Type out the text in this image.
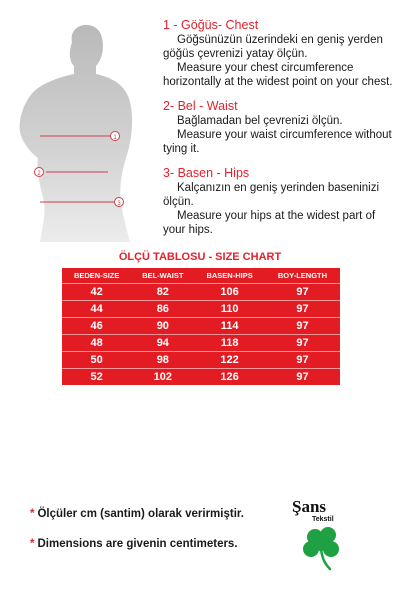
1
2
3
1 - Göğüs- Chest
Göğsünüzün üzerindeki en geniş yerden
göğüs çevrenizi yatay ölçün.
Measure your chest circumference
horizontally at the widest point on your chest.
2- Bel - Waist
Bağlamadan bel çevrenizi ölçün.
Measure your waist circumference without
tying it.
3- Basen - Hips
Kalçanızın en geniş yerinden baseninizi
ölçün.
Measure your hips at the widest part of
your hips.
ÖLÇÜ TABLOSU - SIZE CHART
BEDEN-SIZE	BEL-WAIST	BASEN-HIPS	BOY-LENGTH
42	82	106	97
44	86	110	97
46	90	114	97
48	94	118	97
50	98	122	97
52	102	126	97
* Ölçüler cm (santim) olarak verirmiştir.
* Dimensions are givenin centimeters.
Şans
Tekstil
